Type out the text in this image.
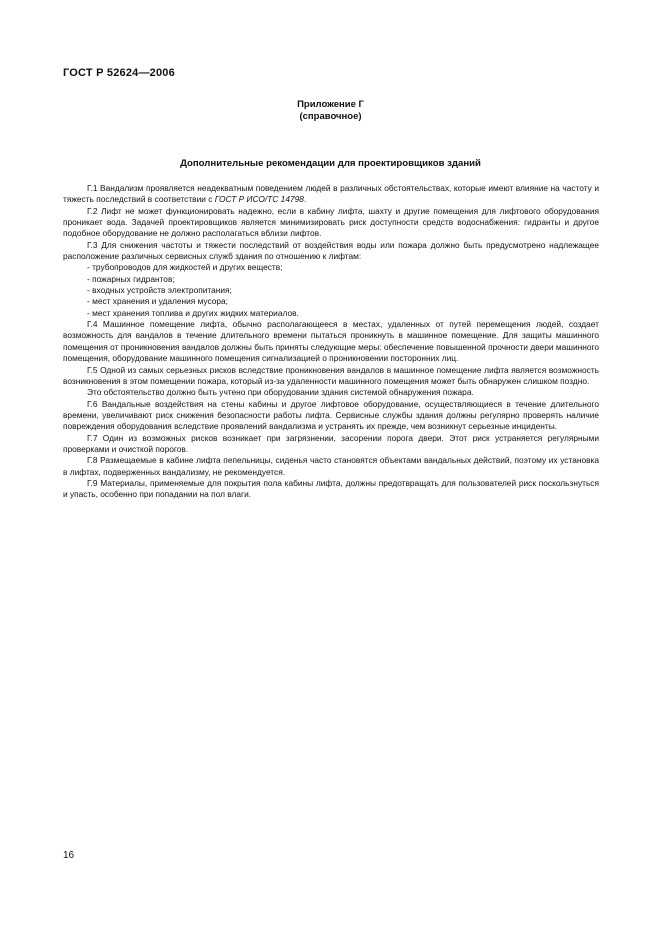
ГОСТ Р 52624—2006
Приложение Г
(справочное)
Дополнительные рекомендации для проектировщиков зданий

Г.1 Вандализм проявляется неадекватным поведением людей в различных обстоятельствах, которые имеют влияние на частоту и тяжесть последствий в соответствии с ГОСТ Р ИСО/ТС 14798.

Г.2 Лифт не может функционировать надежно, если в кабину лифта, шахту и другие помещения для лифтового оборудования проникает вода. Задачей проектировщиков является минимизировать риск доступности средств водоснабжения: гидранты и другое подобное оборудование не должно располагаться вблизи лифтов.

Г.3 Для снижения частоты и тяжести последствий от воздействия воды или пожара должно быть предусмотрено надлежащее расположение различных сервисных служб здания по отношению к лифтам:

- трубопроводов для жидкостей и других веществ;
- пожарных гидрантов;
- входных устройств электропитания;
- мест хранения и удаления мусора;
- мест хранения топлива и других жидких материалов.

Г.4 Машинное помещение лифта, обычно располагающееся в местах, удаленных от путей перемещения людей, создает возможность для вандалов в течение длительного времени пытаться проникнуть в машинное помещение. Для защиты машинного помещения от проникновения вандалов должны быть приняты следующие меры: обеспечение повышенной прочности двери машинного помещения, оборудование машинного помещения сигнализацией о проникновении посторонних лиц.

Г.5 Одной из самых серьезных рисков вследствие проникновения вандалов в машинное помещение лифта является возможность возникновения в этом помещении пожара, который из-за удаленности машинного помещения может быть обнаружен слишком поздно.

Это обстоятельство должно быть учтено при оборудовании здания системой обнаружения пожара.

Г.6 Вандальные воздействия на стены кабины и другое лифтовое оборудование, осуществляющиеся в течение длительного времени, увеличивают риск снижения безопасности работы лифта. Сервисные службы здания должны регулярно проверять наличие повреждения оборудования вследствие проявлений вандализма и устранять их прежде, чем возникнут серьезные инциденты.

Г.7 Один из возможных рисков возникает при загрязнении, засорении порога двери. Этот риск устраняется регулярными проверками и очисткой порогов.

Г.8 Размещаемые в кабине лифта пепельницы, сиденья часто становятся объектами вандальных действий, поэтому их установка в лифтах, подверженных вандализму, не рекомендуется.

Г.9 Материалы, применяемые для покрытия пола кабины лифта, должны предотвращать для пользователей риск поскользнуться и упасть, особенно при попадании на пол влаги.

16
